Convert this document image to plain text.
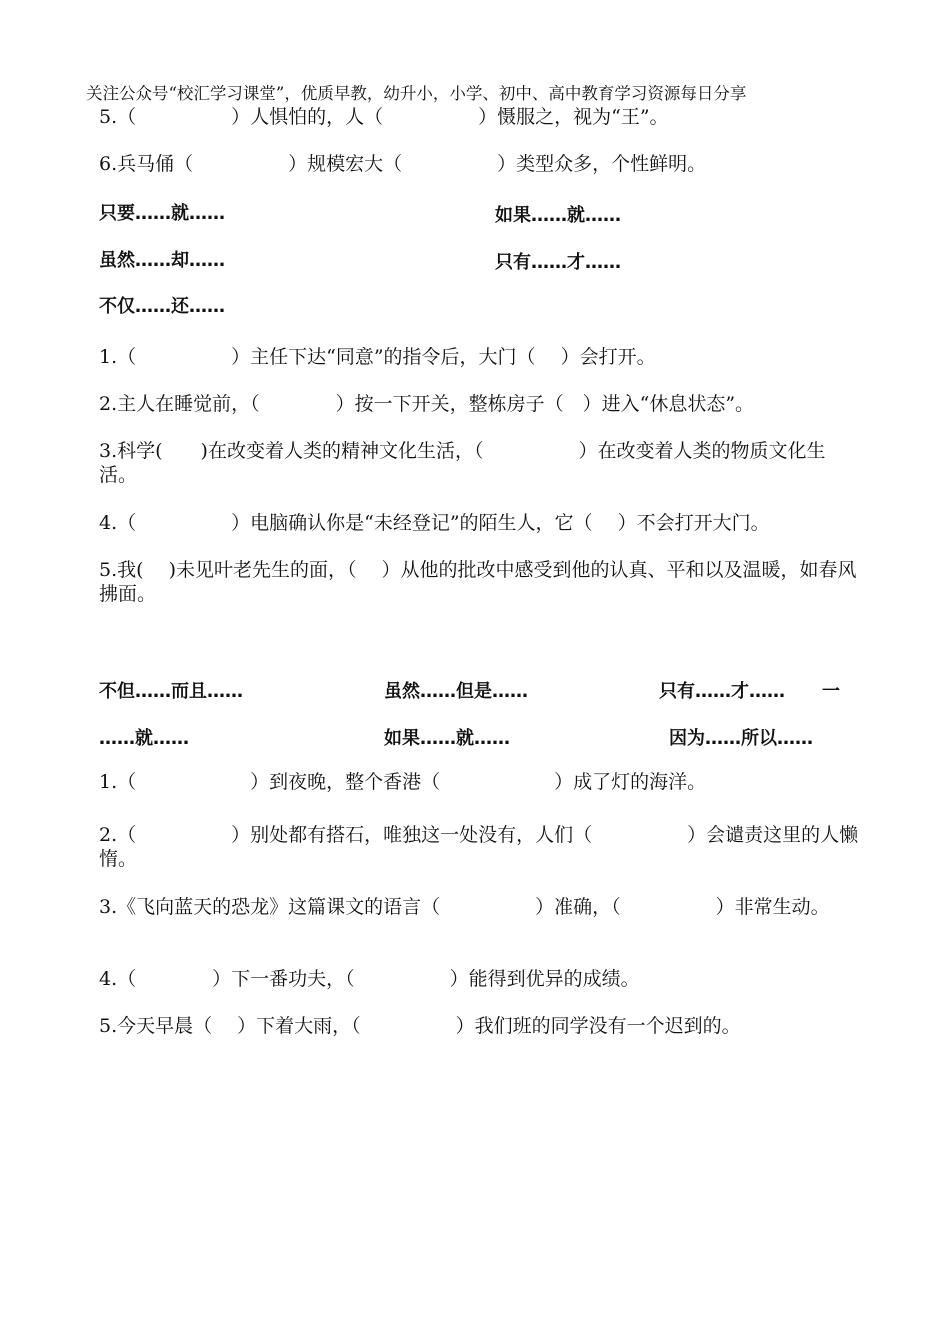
关注公众号“校汇学习课堂”，优质早教，幼升小，小学、初中、高中教育学习资源每日分享
5.（　　　　　）人惧怕的，人（　　　　　）慑服之，视为“王”。
6.兵马俑（　　　　　）规模宏大（　　　　　）类型众多，个性鲜明。
只要……就……	如果……就……
虽然……却……	只有……才……
不仅……还……
1.（　　　　　）主任下达“同意”的指令后，大门（　 ）会打开。
2.主人在睡觉前，（　　　　）按一下开关，整栋房子（　）进入“休息状态”。
3.科学(　　)在改变着人类的精神文化生活，（　　　　　）在改变着人类的物质文化生活。
4.（　　　　　）电脑确认你是“未经登记”的陌生人，它（　 ）不会打开大门。
5.我(　 )未见叶老先生的面，（　 ）从他的批改中感受到他的认真、平和以及温暖，如春风拂面。
不但……而且……	虽然……但是……	只有……才…… 一
……就……	如果……就……	因为……所以……
1.（　　　　　　）到夜晚，整个香港（　　　　　　）成了灯的海洋。
2.（　　　　　）别处都有搭石，唯独这一处没有，人们（　　　　　）会谴责这里的人懒惰。
3.《飞向蓝天的恐龙》这篇课文的语言（　　　　　）准确，（　　　　　）非常生动。
4.（　　　　）下一番功夫，（　　　　　）能得到优异的成绩。
5.今天早晨（　 ）下着大雨，（　　　　　）我们班的同学没有一个迟到的。
